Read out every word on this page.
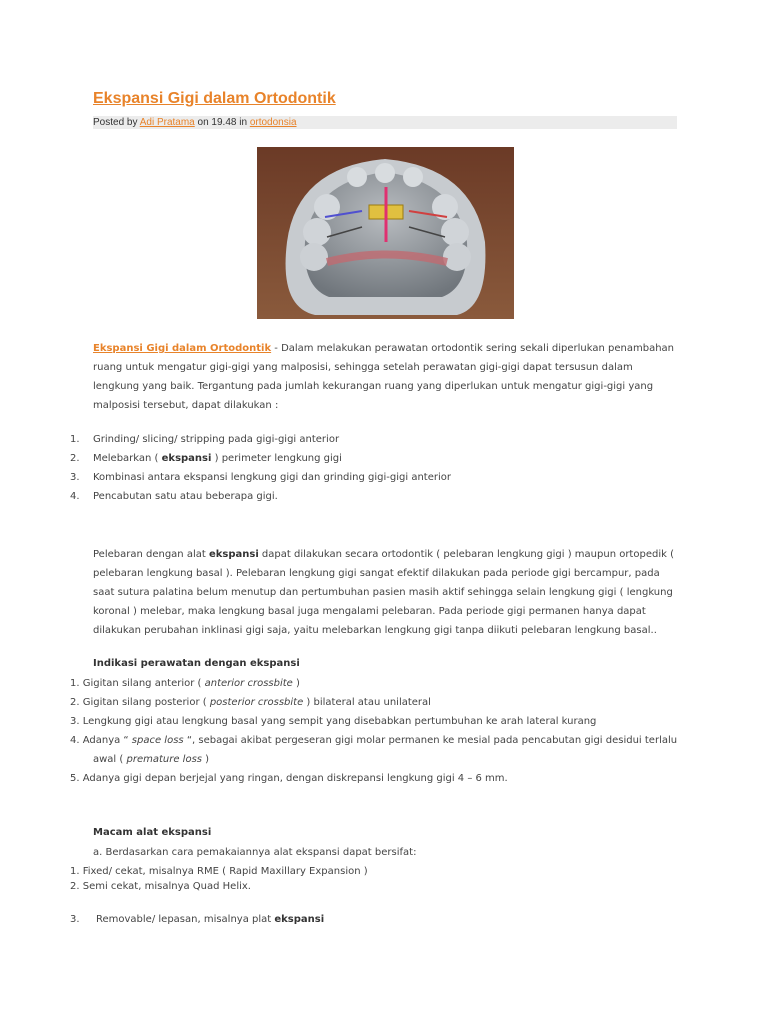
Ekspansi Gigi dalam Ortodontik
Posted by Adi Pratama on 19.48 in ortodonsia

Ekspansi Gigi dalam Ortodontik - Dalam melakukan perawatan ortodontik sering sekali diperlukan penambahan ruang untuk mengatur gigi-gigi yang malposisi, sehingga setelah perawatan gigi-gigi dapat tersusun dalam lengkung yang baik. Tergantung pada jumlah kekurangan ruang yang diperlukan untuk mengatur gigi-gigi yang malposisi tersebut, dapat dilakukan :

1. Grinding/ slicing/ stripping pada gigi-gigi anterior
2. Melebarkan ( ekspansi ) perimeter lengkung gigi
3. Kombinasi antara ekspansi lengkung gigi dan grinding gigi-gigi anterior
4. Pencabutan satu atau beberapa gigi.

Pelebaran dengan alat ekspansi dapat dilakukan secara ortodontik ( pelebaran lengkung gigi ) maupun ortopedik ( pelebaran lengkung basal ). Pelebaran lengkung gigi sangat efektif dilakukan pada periode gigi bercampur, pada saat sutura palatina belum menutup dan pertumbuhan pasien masih aktif sehingga selain lengkung gigi ( lengkung koronal ) melebar, maka lengkung basal juga mengalami pelebaran. Pada periode gigi permanen hanya dapat dilakukan perubahan inklinasi gigi saja, yaitu melebarkan lengkung gigi tanpa diikuti pelebaran lengkung basal..

Indikasi perawatan dengan ekspansi
1. Gigitan silang anterior ( anterior crossbite )
2. Gigitan silang posterior ( posterior crossbite ) bilateral atau unilateral
3. Lengkung gigi atau lengkung basal yang sempit yang disebabkan pertumbuhan ke arah lateral kurang
4. Adanya “ space loss “, sebagai akibat pergeseran gigi molar permanen ke mesial pada pencabutan gigi desidui terlalu
awal ( premature loss )
5. Adanya gigi depan berjejal yang ringan, dengan diskrepansi lengkung gigi 4 – 6 mm.
Macam alat ekspansi
a. Berdasarkan cara pemakaiannya alat ekspansi dapat bersifat:
1. Fixed/ cekat, misalnya RME ( Rapid Maxillary Expansion )
2. Semi cekat, misalnya Quad Helix.
3. Removable/ lepasan, misalnya plat ekspansi
